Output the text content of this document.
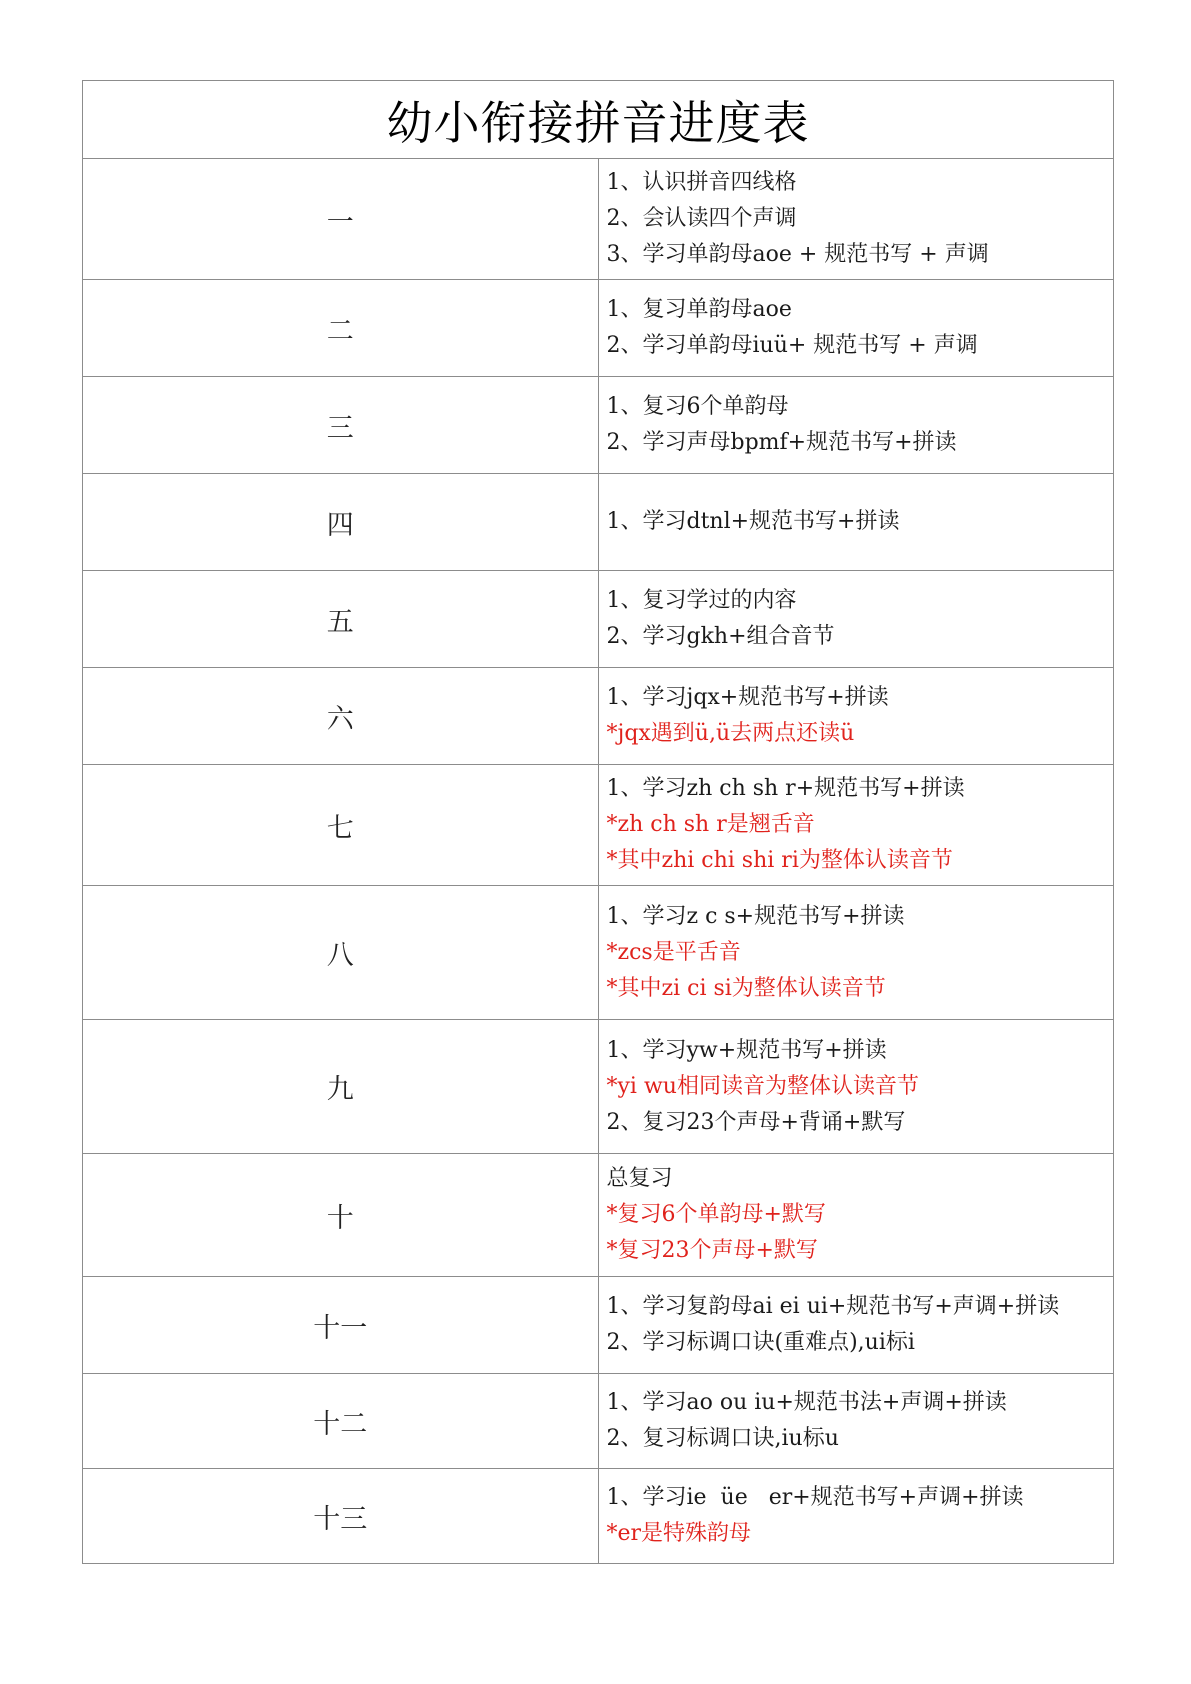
幼小衔接拼音进度表	
一	1、认识拼音四线格
2、会认读四个声调
3、学习单韵母aoe + 规范书写 + 声调

二	1、复习单韵母aoe
2、学习单韵母iuü+ 规范书写 + 声调

三	1、复习6个单韵母
2、学习声母bpmf+规范书写+拼读

四	1、学习dtnl+规范书写+拼读

五	1、复习学过的内容
2、学习gkh+组合音节

六	1、学习jqx+规范书写+拼读
*jqx遇到ü,ü去两点还读ü

七	1、学习zh ch sh r+规范书写+拼读
*zh ch sh r是翘舌音
*其中zhi chi shi ri为整体认读音节

八	1、学习z c s+规范书写+拼读
*zcs是平舌音
*其中zi ci si为整体认读音节

九	1、学习yw+规范书写+拼读
*yi wu相同读音为整体认读音节
2、复习23个声母+背诵+默写

十	总复习
*复习6个单韵母+默写
*复习23个声母+默写

十一	1、学习复韵母ai ei ui+规范书写+声调+拼读
2、学习标调口诀(重难点),ui标i

十二	1、学习ao ou iu+规范书法+声调+拼读
2、复习标调口诀,iu标u

十三	1、学习ie  üe   er+规范书写+声调+拼读
*er是特殊韵母
